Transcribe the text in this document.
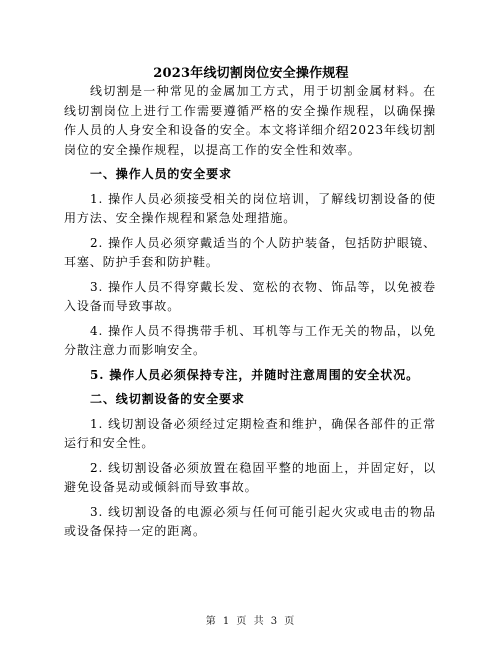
2023年线切割岗位安全操作规程

线切割是一种常见的金属加工方式，用于切割金属材料。在线切割岗位上进行工作需要遵循严格的安全操作规程，以确保操作人员的人身安全和设备的安全。本文将详细介绍2023年线切割岗位的安全操作规程，以提高工作的安全性和效率。

一、操作人员的安全要求

1. 操作人员必须接受相关的岗位培训，了解线切割设备的使用方法、安全操作规程和紧急处理措施。

2. 操作人员必须穿戴适当的个人防护装备，包括防护眼镜、耳塞、防护手套和防护鞋。

3. 操作人员不得穿戴长发、宽松的衣物、饰品等，以免被卷入设备而导致事故。

4. 操作人员不得携带手机、耳机等与工作无关的物品，以免分散注意力而影响安全。

5. 操作人员必须保持专注，并随时注意周围的安全状况。

二、线切割设备的安全要求

1. 线切割设备必须经过定期检查和维护，确保各部件的正常运行和安全性。

2. 线切割设备必须放置在稳固平整的地面上，并固定好，以避免设备晃动或倾斜而导致事故。

3. 线切割设备的电源必须与任何可能引起火灾或电击的物品或设备保持一定的距离。

第 1 页 共 3 页
